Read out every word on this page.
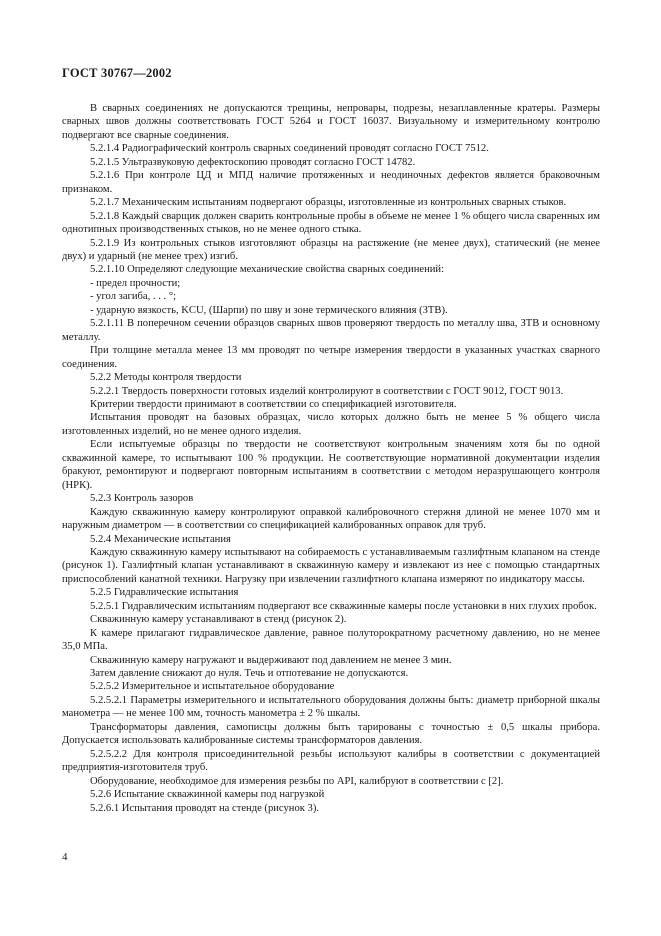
ГОСТ 30767—2002

В сварных соединениях не допускаются трещины, непровары, подрезы, незаплавленные кратеры. Размеры сварных швов должны соответствовать ГОСТ 5264 и ГОСТ 16037. Визуальному и измерительному контролю подвергают все сварные соединения.

5.2.1.4 Радиографический контроль сварных соединений проводят согласно ГОСТ 7512.

5.2.1.5 Ультразвуковую дефектоскопию проводят согласно ГОСТ 14782.

5.2.1.6 При контроле ЦД и МПД наличие протяженных и неодиночных дефектов является браковочным признаком.

5.2.1.7 Механическим испытаниям подвергают образцы, изготовленные из контрольных сварных стыков.

5.2.1.8 Каждый сварщик должен сварить контрольные пробы в объеме не менее 1 % общего числа сваренных им однотипных производственных стыков, но не менее одного стыка.

5.2.1.9 Из контрольных стыков изготовляют образцы на растяжение (не менее двух), статический (не менее двух) и ударный (не менее трех) изгиб.

5.2.1.10 Определяют следующие механические свойства сварных соединений:

- предел прочности;

- угол загиба, . . . °;

- ударную вязкость, KCU, (Шарпи) по шву и зоне термического влияния (ЗТВ).

5.2.1.11 В поперечном сечении образцов сварных швов проверяют твердость по металлу шва, ЗТВ и основному металлу.

При толщине металла менее 13 мм проводят по четыре измерения твердости в указанных участках сварного соединения.

5.2.2 Методы контроля твердости

5.2.2.1 Твердость поверхности готовых изделий контролируют в соответствии с ГОСТ 9012, ГОСТ 9013.

Критерии твердости принимают в соответствии со спецификацией изготовителя.

Испытания проводят на базовых образцах, число которых должно быть не менее 5 % общего числа изготовленных изделий, но не менее одного изделия.

Если испытуемые образцы по твердости не соответствуют контрольным значениям хотя бы по одной скважинной камере, то испытывают 100 % продукции. Не соответствующие нормативной документации изделия бракуют, ремонтируют и подвергают повторным испытаниям в соответствии с методом неразрушающего контроля (НРК).

5.2.3 Контроль зазоров

Каждую скважинную камеру контролируют оправкой калибровочного стержня длиной не менее 1070 мм и наружным диаметром — в соответствии со спецификацией калиброванных оправок для труб.

5.2.4 Механические испытания

Каждую скважинную камеру испытывают на собираемость с устанавливаемым газлифтным клапаном на стенде (рисунок 1). Газлифтный клапан устанавливают в скважинную камеру и извлекают из нее с помощью стандартных приспособлений канатной техники. Нагрузку при извлечении газлифтного клапана измеряют по индикатору массы.

5.2.5 Гидравлические испытания

5.2.5.1 Гидравлическим испытаниям подвергают все скважинные камеры после установки в них глухих пробок.

Скважинную камеру устанавливают в стенд (рисунок 2).

К камере прилагают гидравлическое давление, равное полуторократному расчетному давлению, но не менее 35,0 МПа.

Скважинную камеру нагружают и выдерживают под давлением не менее 3 мин.

Затем давление снижают до нуля. Течь и отпотевание не допускаются.

5.2.5.2 Измерительное и испытательное оборудование

5.2.5.2.1 Параметры измерительного и испытательного оборудования должны быть: диаметр приборной шкалы манометра — не менее 100 мм, точность манометра ± 2 % шкалы.

Трансформаторы давления, самописцы должны быть тарированы с точностью ± 0,5 шкалы прибора. Допускается использовать калиброванные системы трансформаторов давления.

5.2.5.2.2 Для контроля присоединительной резьбы используют калибры в соответствии с документацией предприятия-изготовителя труб.

Оборудование, необходимое для измерения резьбы по API, калибруют в соответствии с [2].

5.2.6 Испытание скважинной камеры под нагрузкой

5.2.6.1 Испытания проводят на стенде (рисунок 3).

4
